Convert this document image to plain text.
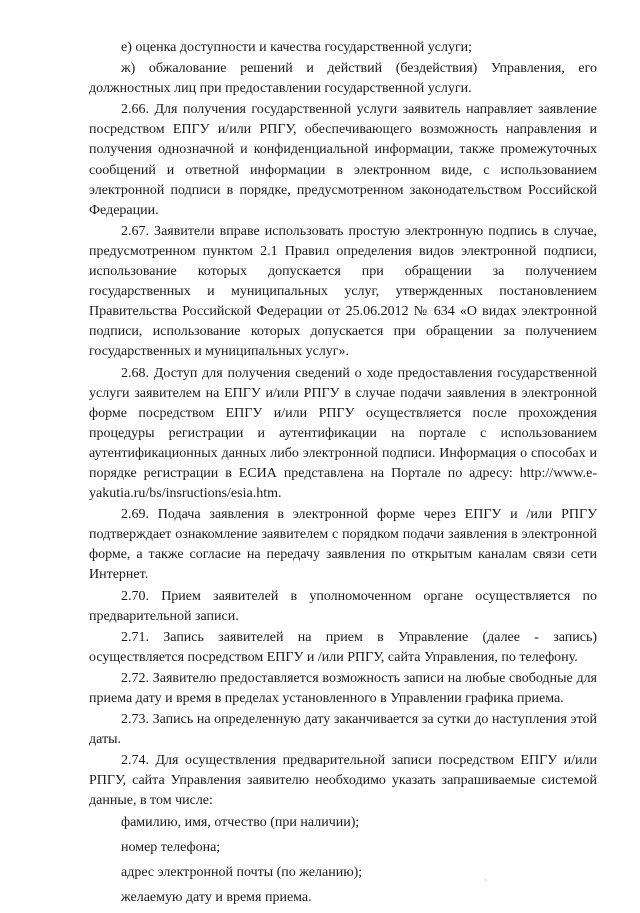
е) оценка доступности и качества государственной услуги;

ж) обжалование решений и действий (бездействия) Управления, его должностных лиц при предоставлении государственной услуги.

2.66. Для получения государственной услуги заявитель направляет заявление посредством ЕПГУ и/или РПГУ, обеспечивающего возможность направления и получения однозначной и конфиденциальной информации, также промежуточных сообщений и ответной информации в электронном виде, с использованием электронной подписи в порядке, предусмотренном законодательством Российской Федерации.

2.67. Заявители вправе использовать простую электронную подпись в случае, предусмотренном пунктом 2.1 Правил определения видов электронной подписи, использование которых допускается при обращении за получением государственных и муниципальных услуг, утвержденных постановлением Правительства Российской Федерации от 25.06.2012 № 634 «О видах электронной подписи, использование которых допускается при обращении за получением государственных и муниципальных услуг».

2.68. Доступ для получения сведений о ходе предоставления государственной услуги заявителем на ЕПГУ и/или РПГУ в случае подачи заявления в электронной форме посредством ЕПГУ и/или РПГУ осуществляется после прохождения процедуры регистрации и аутентификации на портале с использованием аутентификационных данных либо электронной подписи. Информация о способах и порядке регистрации в ЕСИА представлена на Портале по адресу: http://www.e-yakutia.ru/bs/insructions/esia.htm.

2.69. Подача заявления в электронной форме через ЕПГУ и /или РПГУ подтверждает ознакомление заявителем с порядком подачи заявления в электронной форме, а также согласие на передачу заявления по открытым каналам связи сети Интернет.

2.70. Прием заявителей в уполномоченном органе осуществляется по предварительной записи.

2.71. Запись заявителей на прием в Управление (далее - запись) осуществляется посредством ЕПГУ и /или РПГУ, сайта Управления, по телефону.

2.72. Заявителю предоставляется возможность записи на любые свободные для приема дату и время в пределах установленного в Управлении графика приема.

2.73. Запись на определенную дату заканчивается за сутки до наступления этой даты.

2.74. Для осуществления предварительной записи посредством ЕПГУ и/или РПГУ, сайта Управления заявителю необходимо указать запрашиваемые системой данные, в том числе:

фамилию, имя, отчество (при наличии);

номер телефона;

адрес электронной почты (по желанию);

желаемую дату и время приема.

·
